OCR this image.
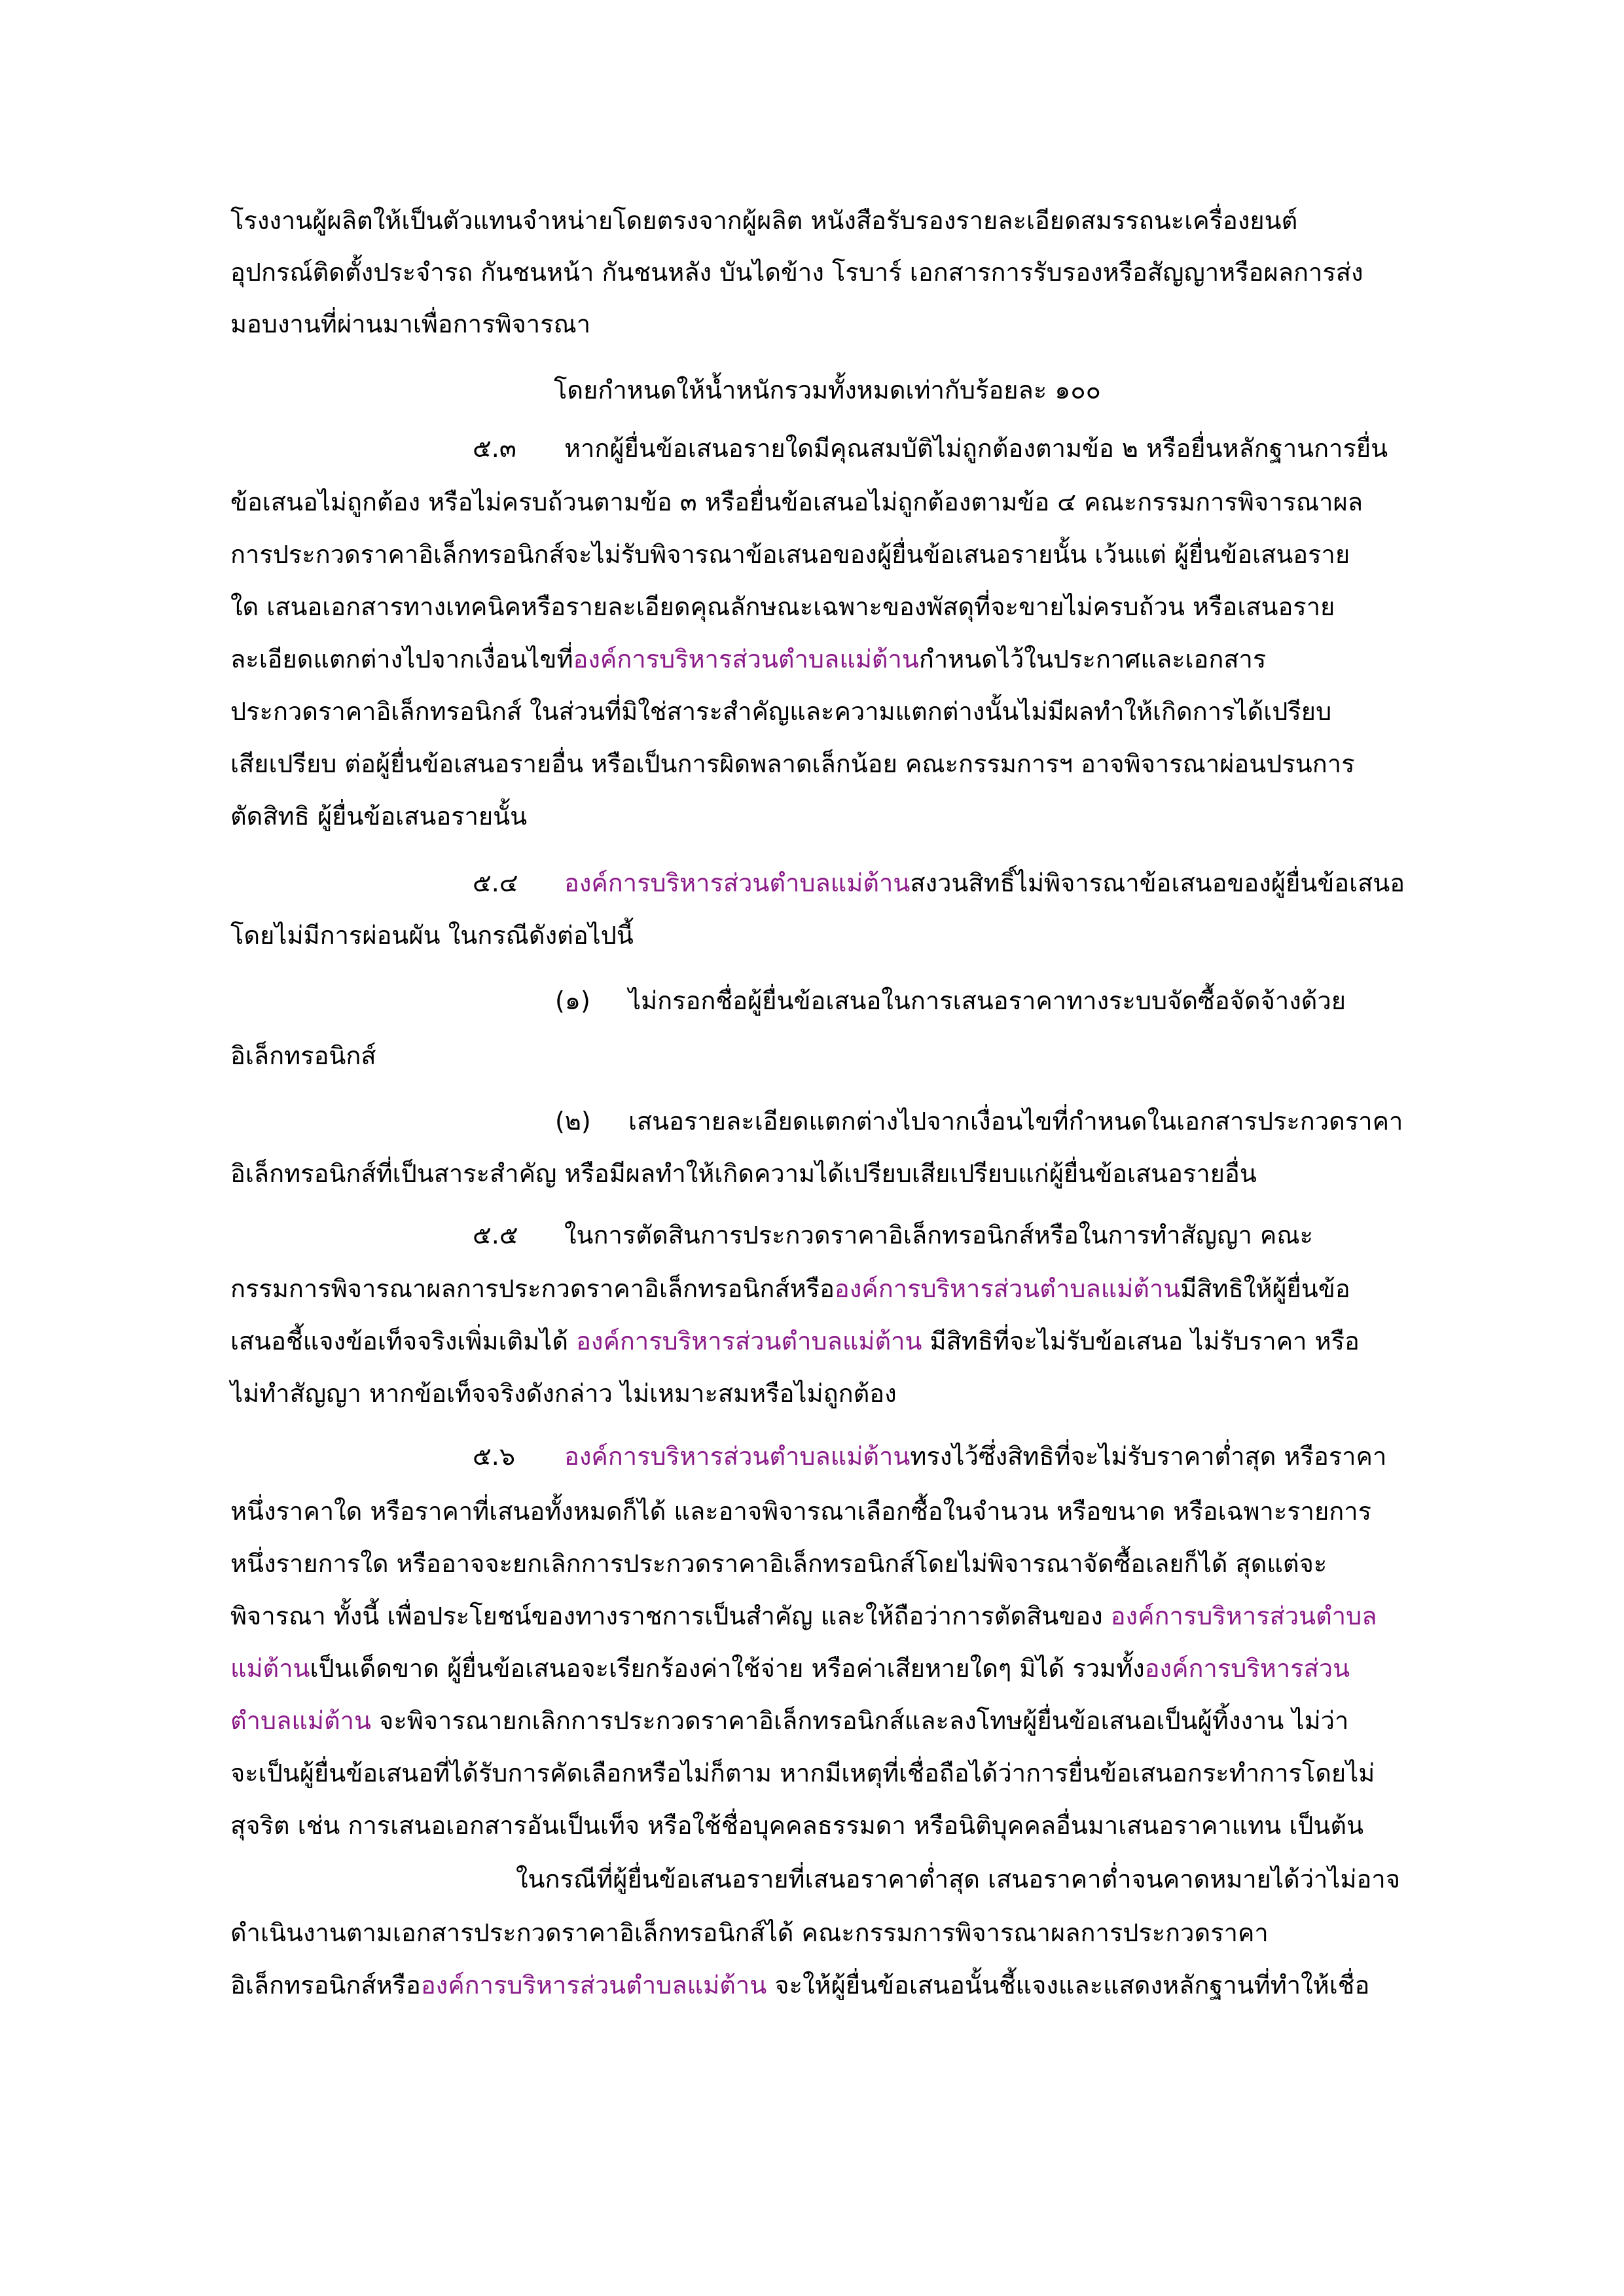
โรงงานผู้ผลิตให้เป็นตัวแทนจำหน่ายโดยตรงจากผู้ผลิต หนังสือรับรองรายละเอียดสมรรถนะเครื่องยนต์
อุปกรณ์ติดตั้งประจำรถ กันชนหน้า กันชนหลัง บันไดข้าง โรบาร์ เอกสารการรับรองหรือสัญญาหรือผลการส่ง
มอบงานที่ผ่านมาเพื่อการพิจารณา
โดยกำหนดให้น้ำหนักรวมทั้งหมดเท่ากับร้อยละ ๑๐๐
๕.๓ หากผู้ยื่นข้อเสนอรายใดมีคุณสมบัติไม่ถูกต้องตามข้อ ๒ หรือยื่นหลักฐานการยื่น
ข้อเสนอไม่ถูกต้อง หรือไม่ครบถ้วนตามข้อ ๓ หรือยื่นข้อเสนอไม่ถูกต้องตามข้อ ๔ คณะกรรมการพิจารณาผล
การประกวดราคาอิเล็กทรอนิกส์จะไม่รับพิจารณาข้อเสนอของผู้ยื่นข้อเสนอรายนั้น เว้นแต่ ผู้ยื่นข้อเสนอราย
ใด เสนอเอกสารทางเทคนิคหรือรายละเอียดคุณลักษณะเฉพาะของพัสดุที่จะขายไม่ครบถ้วน หรือเสนอราย
ละเอียดแตกต่างไปจากเงื่อนไขที่องค์การบริหารส่วนตำบลแม่ต้านกำหนดไว้ในประกาศและเอกสาร
ประกวดราคาอิเล็กทรอนิกส์ ในส่วนที่มิใช่สาระสำคัญและความแตกต่างนั้นไม่มีผลทำให้เกิดการได้เปรียบ
เสียเปรียบ ต่อผู้ยื่นข้อเสนอรายอื่น หรือเป็นการผิดพลาดเล็กน้อย คณะกรรมการฯ อาจพิจารณาผ่อนปรนการ
ตัดสิทธิ ผู้ยื่นข้อเสนอรายนั้น
๕.๔ องค์การบริหารส่วนตำบลแม่ต้านสงวนสิทธิ์ไม่พิจารณาข้อเสนอของผู้ยื่นข้อเสนอ
โดยไม่มีการผ่อนผัน ในกรณีดังต่อไปนี้
(๑) ไม่กรอกชื่อผู้ยื่นข้อเสนอในการเสนอราคาทางระบบจัดซื้อจัดจ้างด้วย
อิเล็กทรอนิกส์
(๒) เสนอรายละเอียดแตกต่างไปจากเงื่อนไขที่กำหนดในเอกสารประกวดราคา
อิเล็กทรอนิกส์ที่เป็นสาระสำคัญ หรือมีผลทำให้เกิดความได้เปรียบเสียเปรียบแก่ผู้ยื่นข้อเสนอรายอื่น
๕.๕ ในการตัดสินการประกวดราคาอิเล็กทรอนิกส์หรือในการทำสัญญา คณะ
กรรมการพิจารณาผลการประกวดราคาอิเล็กทรอนิกส์หรือองค์การบริหารส่วนตำบลแม่ต้านมีสิทธิให้ผู้ยื่นข้อ
เสนอชี้แจงข้อเท็จจริงเพิ่มเติมได้ องค์การบริหารส่วนตำบลแม่ต้าน มีสิทธิที่จะไม่รับข้อเสนอ ไม่รับราคา หรือ
ไม่ทำสัญญา หากข้อเท็จจริงดังกล่าว ไม่เหมาะสมหรือไม่ถูกต้อง
๕.๖ องค์การบริหารส่วนตำบลแม่ต้านทรงไว้ซึ่งสิทธิที่จะไม่รับราคาต่ำสุด หรือราคา
หนึ่งราคาใด หรือราคาที่เสนอทั้งหมดก็ได้ และอาจพิจารณาเลือกซื้อในจำนวน หรือขนาด หรือเฉพาะรายการ
หนึ่งรายการใด หรืออาจจะยกเลิกการประกวดราคาอิเล็กทรอนิกส์โดยไม่พิจารณาจัดซื้อเลยก็ได้ สุดแต่จะ
พิจารณา ทั้งนี้ เพื่อประโยชน์ของทางราชการเป็นสำคัญ และให้ถือว่าการตัดสินของ องค์การบริหารส่วนตำบล
แม่ต้านเป็นเด็ดขาด ผู้ยื่นข้อเสนอจะเรียกร้องค่าใช้จ่าย หรือค่าเสียหายใดๆ มิได้ รวมทั้งองค์การบริหารส่วน
ตำบลแม่ต้าน จะพิจารณายกเลิกการประกวดราคาอิเล็กทรอนิกส์และลงโทษผู้ยื่นข้อเสนอเป็นผู้ทิ้งงาน ไม่ว่า
จะเป็นผู้ยื่นข้อเสนอที่ได้รับการคัดเลือกหรือไม่ก็ตาม หากมีเหตุที่เชื่อถือได้ว่าการยื่นข้อเสนอกระทำการโดยไม่
สุจริต เช่น การเสนอเอกสารอันเป็นเท็จ หรือใช้ชื่อบุคคลธรรมดา หรือนิติบุคคลอื่นมาเสนอราคาแทน เป็นต้น
ในกรณีที่ผู้ยื่นข้อเสนอรายที่เสนอราคาต่ำสุด เสนอราคาต่ำจนคาดหมายได้ว่าไม่อาจ
ดำเนินงานตามเอกสารประกวดราคาอิเล็กทรอนิกส์ได้ คณะกรรมการพิจารณาผลการประกวดราคา
อิเล็กทรอนิกส์หรือองค์การบริหารส่วนตำบลแม่ต้าน จะให้ผู้ยื่นข้อเสนอนั้นชี้แจงและแสดงหลักฐานที่ทำให้เชื่อ
